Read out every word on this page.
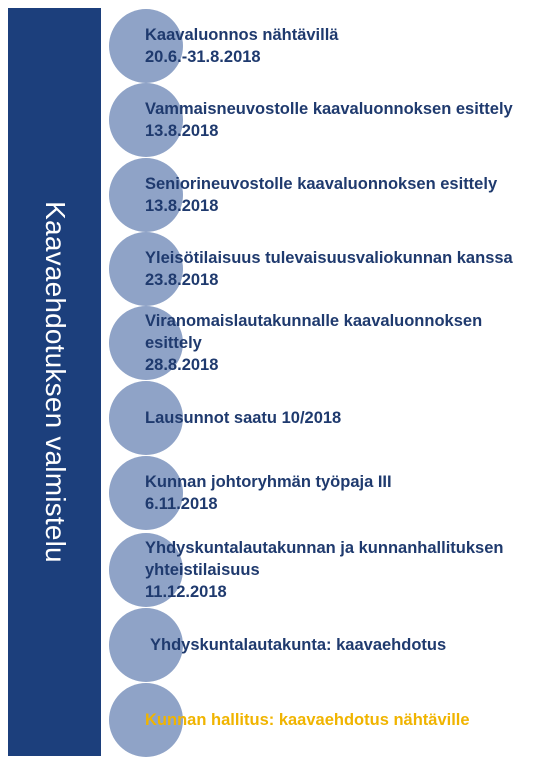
Kaavaehdotuksen valmistelu
Kaavaluonnos nähtävillä
20.6.-31.8.2018
Vammaisneuvostolle kaavaluonnoksen esittely
13.8.2018
Seniorineuvostolle kaavaluonnoksen esittely
13.8.2018
Yleisötilaisuus tulevaisuusvaliokunnan kanssa
23.8.2018
Viranomaislautakunnalle kaavaluonnoksen
esittely
28.8.2018
Lausunnot saatu 10/2018
Kunnan johtoryhmän työpaja III
6.11.2018
Yhdyskuntalautakunnan ja kunnanhallituksen
yhteistilaisuus
11.12.2018
Yhdyskuntalautakunta: kaavaehdotus
Kunnan hallitus: kaavaehdotus nähtäville
